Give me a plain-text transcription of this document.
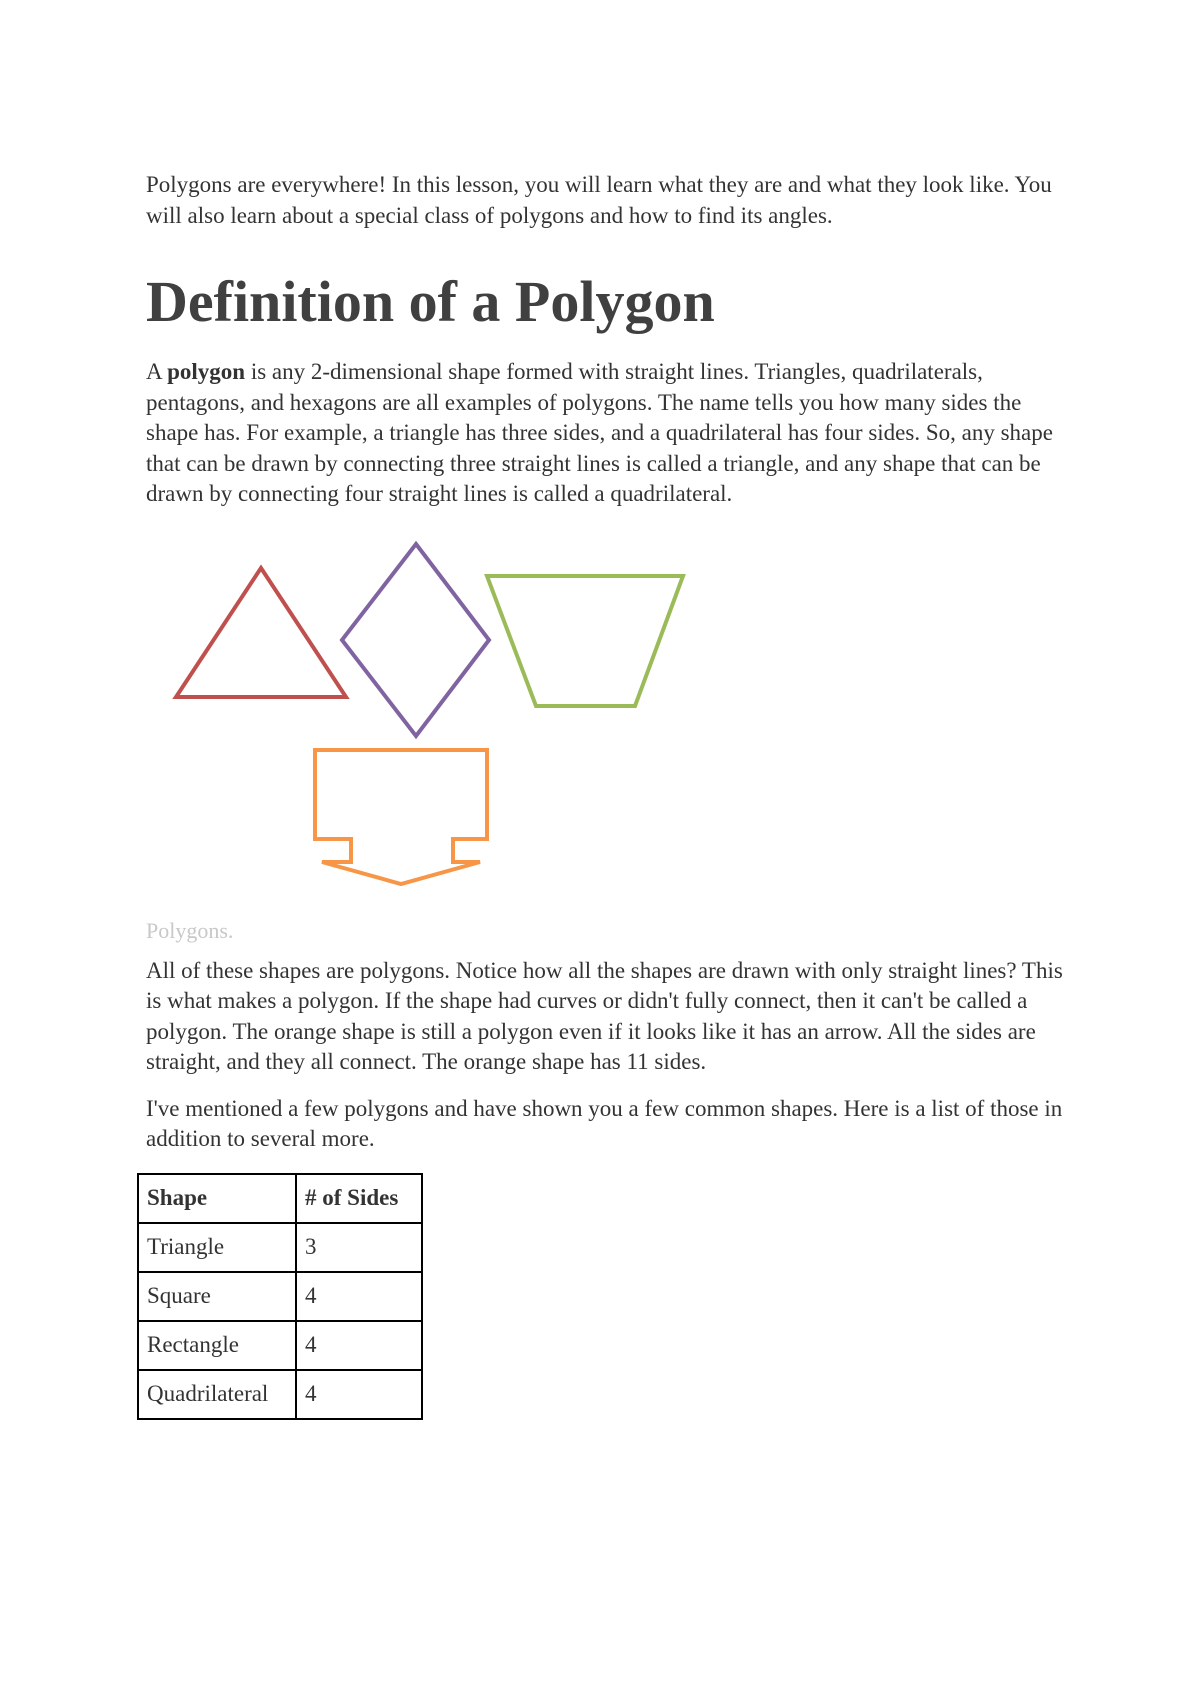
Polygons are everywhere! In this lesson, you will learn what they are and what they look like. You will also learn about a special class of polygons and how to find its angles.

Definition of a Polygon

A polygon is any 2-dimensional shape formed with straight lines. Triangles, quadrilaterals, pentagons, and hexagons are all examples of polygons. The name tells you how many sides the shape has. For example, a triangle has three sides, and a quadrilateral has four sides. So, any shape that can be drawn by connecting three straight lines is called a triangle, and any shape that can be drawn by connecting four straight lines is called a quadrilateral.

Polygons.

All of these shapes are polygons. Notice how all the shapes are drawn with only straight lines? This is what makes a polygon. If the shape had curves or didn't fully connect, then it can't be called a polygon. The orange shape is still a polygon even if it looks like it has an arrow. All the sides are straight, and they all connect. The orange shape has 11 sides.

I've mentioned a few polygons and have shown you a few common shapes. Here is a list of those in addition to several more.

Shape	# of Sides
Triangle	3
Square	4
Rectangle	4
Quadrilateral	4
